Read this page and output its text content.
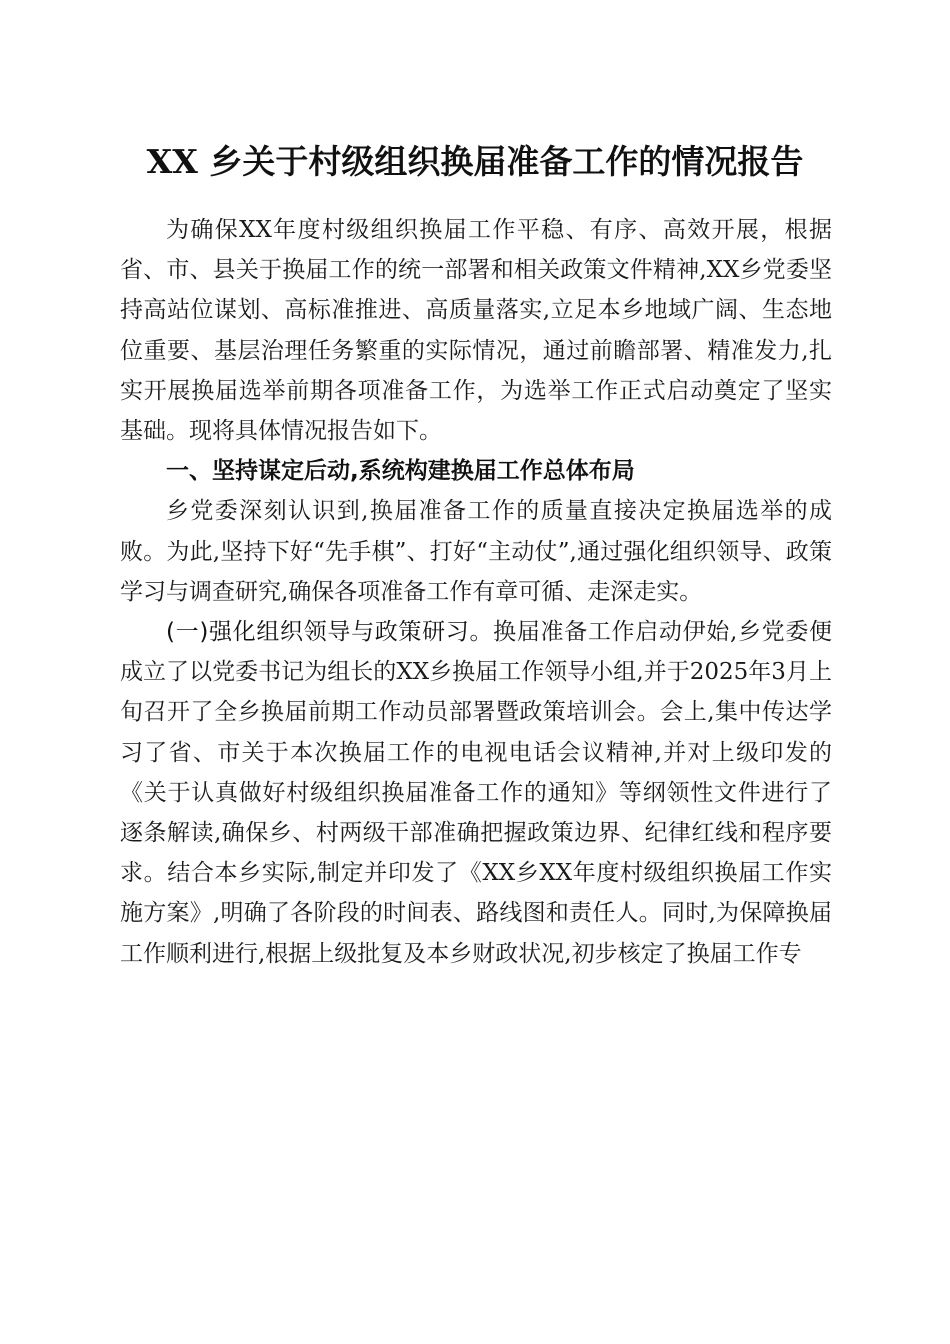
XX 乡关于村级组织换届准备工作的情况报告

为确保XX年度村级组织换届工作平稳、有序、高效开展，根据省、市、县关于换届工作的统一部署和相关政策文件精神,XX乡党委坚持高站位谋划、高标准推进、高质量落实,立足本乡地域广阔、生态地位重要、基层治理任务繁重的实际情况，通过前瞻部署、精准发力,扎实开展换届选举前期各项准备工作，为选举工作正式启动奠定了坚实基础。现将具体情况报告如下。

一、坚持谋定后动,系统构建换届工作总体布局

乡党委深刻认识到,换届准备工作的质量直接决定换届选举的成败。为此,坚持下好“先手棋”、打好“主动仗”,通过强化组织领导、政策学习与调查研究,确保各项准备工作有章可循、走深走实。

(一)强化组织领导与政策研习。换届准备工作启动伊始,乡党委便成立了以党委书记为组长的XX乡换届工作领导小组,并于2025年3月上旬召开了全乡换届前期工作动员部署暨政策培训会。会上,集中传达学习了省、市关于本次换届工作的电视电话会议精神,并对上级印发的《关于认真做好村级组织换届准备工作的通知》等纲领性文件进行了逐条解读,确保乡、村两级干部准确把握政策边界、纪律红线和程序要求。结合本乡实际,制定并印发了《XX乡XX年度村级组织换届工作实施方案》,明确了各阶段的时间表、路线图和责任人。同时,为保障换届工作顺利进行,根据上级批复及本乡财政状况,初步核定了换届工作专
